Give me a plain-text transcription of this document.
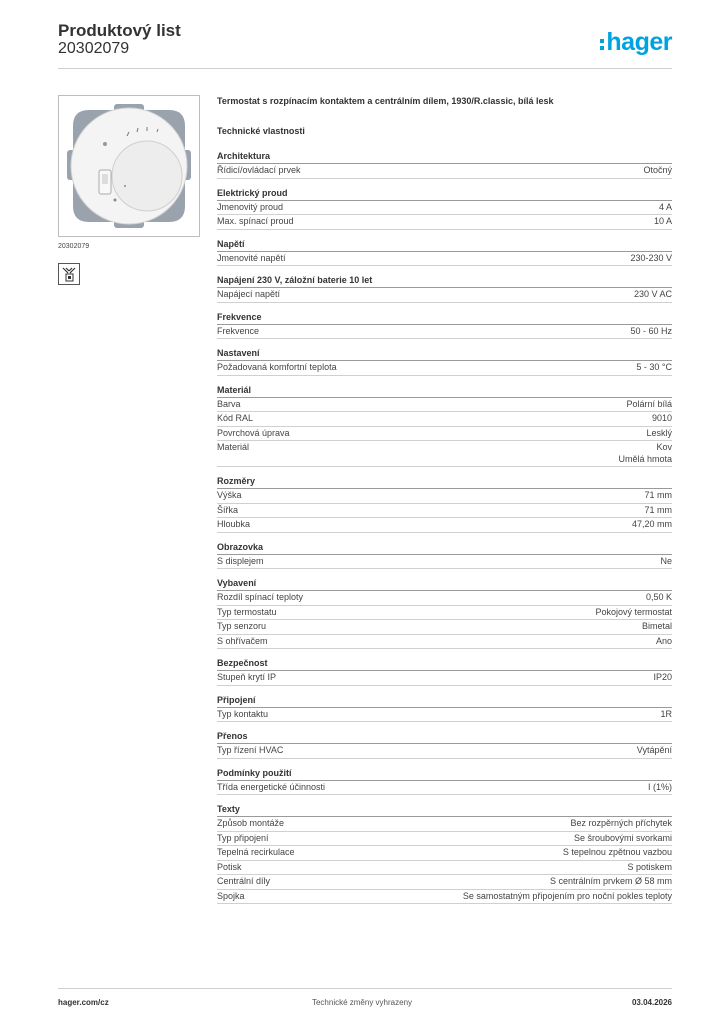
Produktový list
20302079	hager
20302079
Termostat s rozpínacím kontaktem a centrálním dílem, 1930/R.classic, bílá lesk
Technické vlastnosti
Architektura
Řídicí/ovládací prvek	Otočný
Elektrický proud
Jmenovitý proud	4 A
Max. spínací proud	10 A
Napětí
Jmenovité napětí	230-230 V
Napájení 230 V, záložní baterie 10 let
Napájecí napětí	230 V AC
Frekvence
Frekvence	50 - 60 Hz
Nastavení
Požadovaná komfortní teplota	5 - 30 °C
Materiál
Barva	Polární bílá
Kód RAL	9010
Povrchová úprava	Lesklý
Materiál	Kov
Umělá hmota
Rozměry
Výška	71 mm
Šířka	71 mm
Hloubka	47,20 mm
Obrazovka
S displejem	Ne
Vybavení
Rozdíl spínací teploty	0,50 K
Typ termostatu	Pokojový termostat
Typ senzoru	Bimetal
S ohřívačem	Ano
Bezpečnost
Stupeň krytí IP	IP20
Připojení
Typ kontaktu	1R
Přenos
Typ řízení HVAC	Vytápění
Podmínky použití
Třída energetické účinnosti	I (1%)
Texty
Způsob montáže	Bez rozpěrných příchytek
Typ připojení	Se šroubovými svorkami
Tepelná recirkulace	S tepelnou zpětnou vazbou
Potisk	S potiskem
Centrální díly	S centrálním prvkem Ø 58 mm
Spojka	Se samostatným připojením pro noční pokles teploty
hager.com/cz	Technické změny vyhrazeny	03.04.2026
